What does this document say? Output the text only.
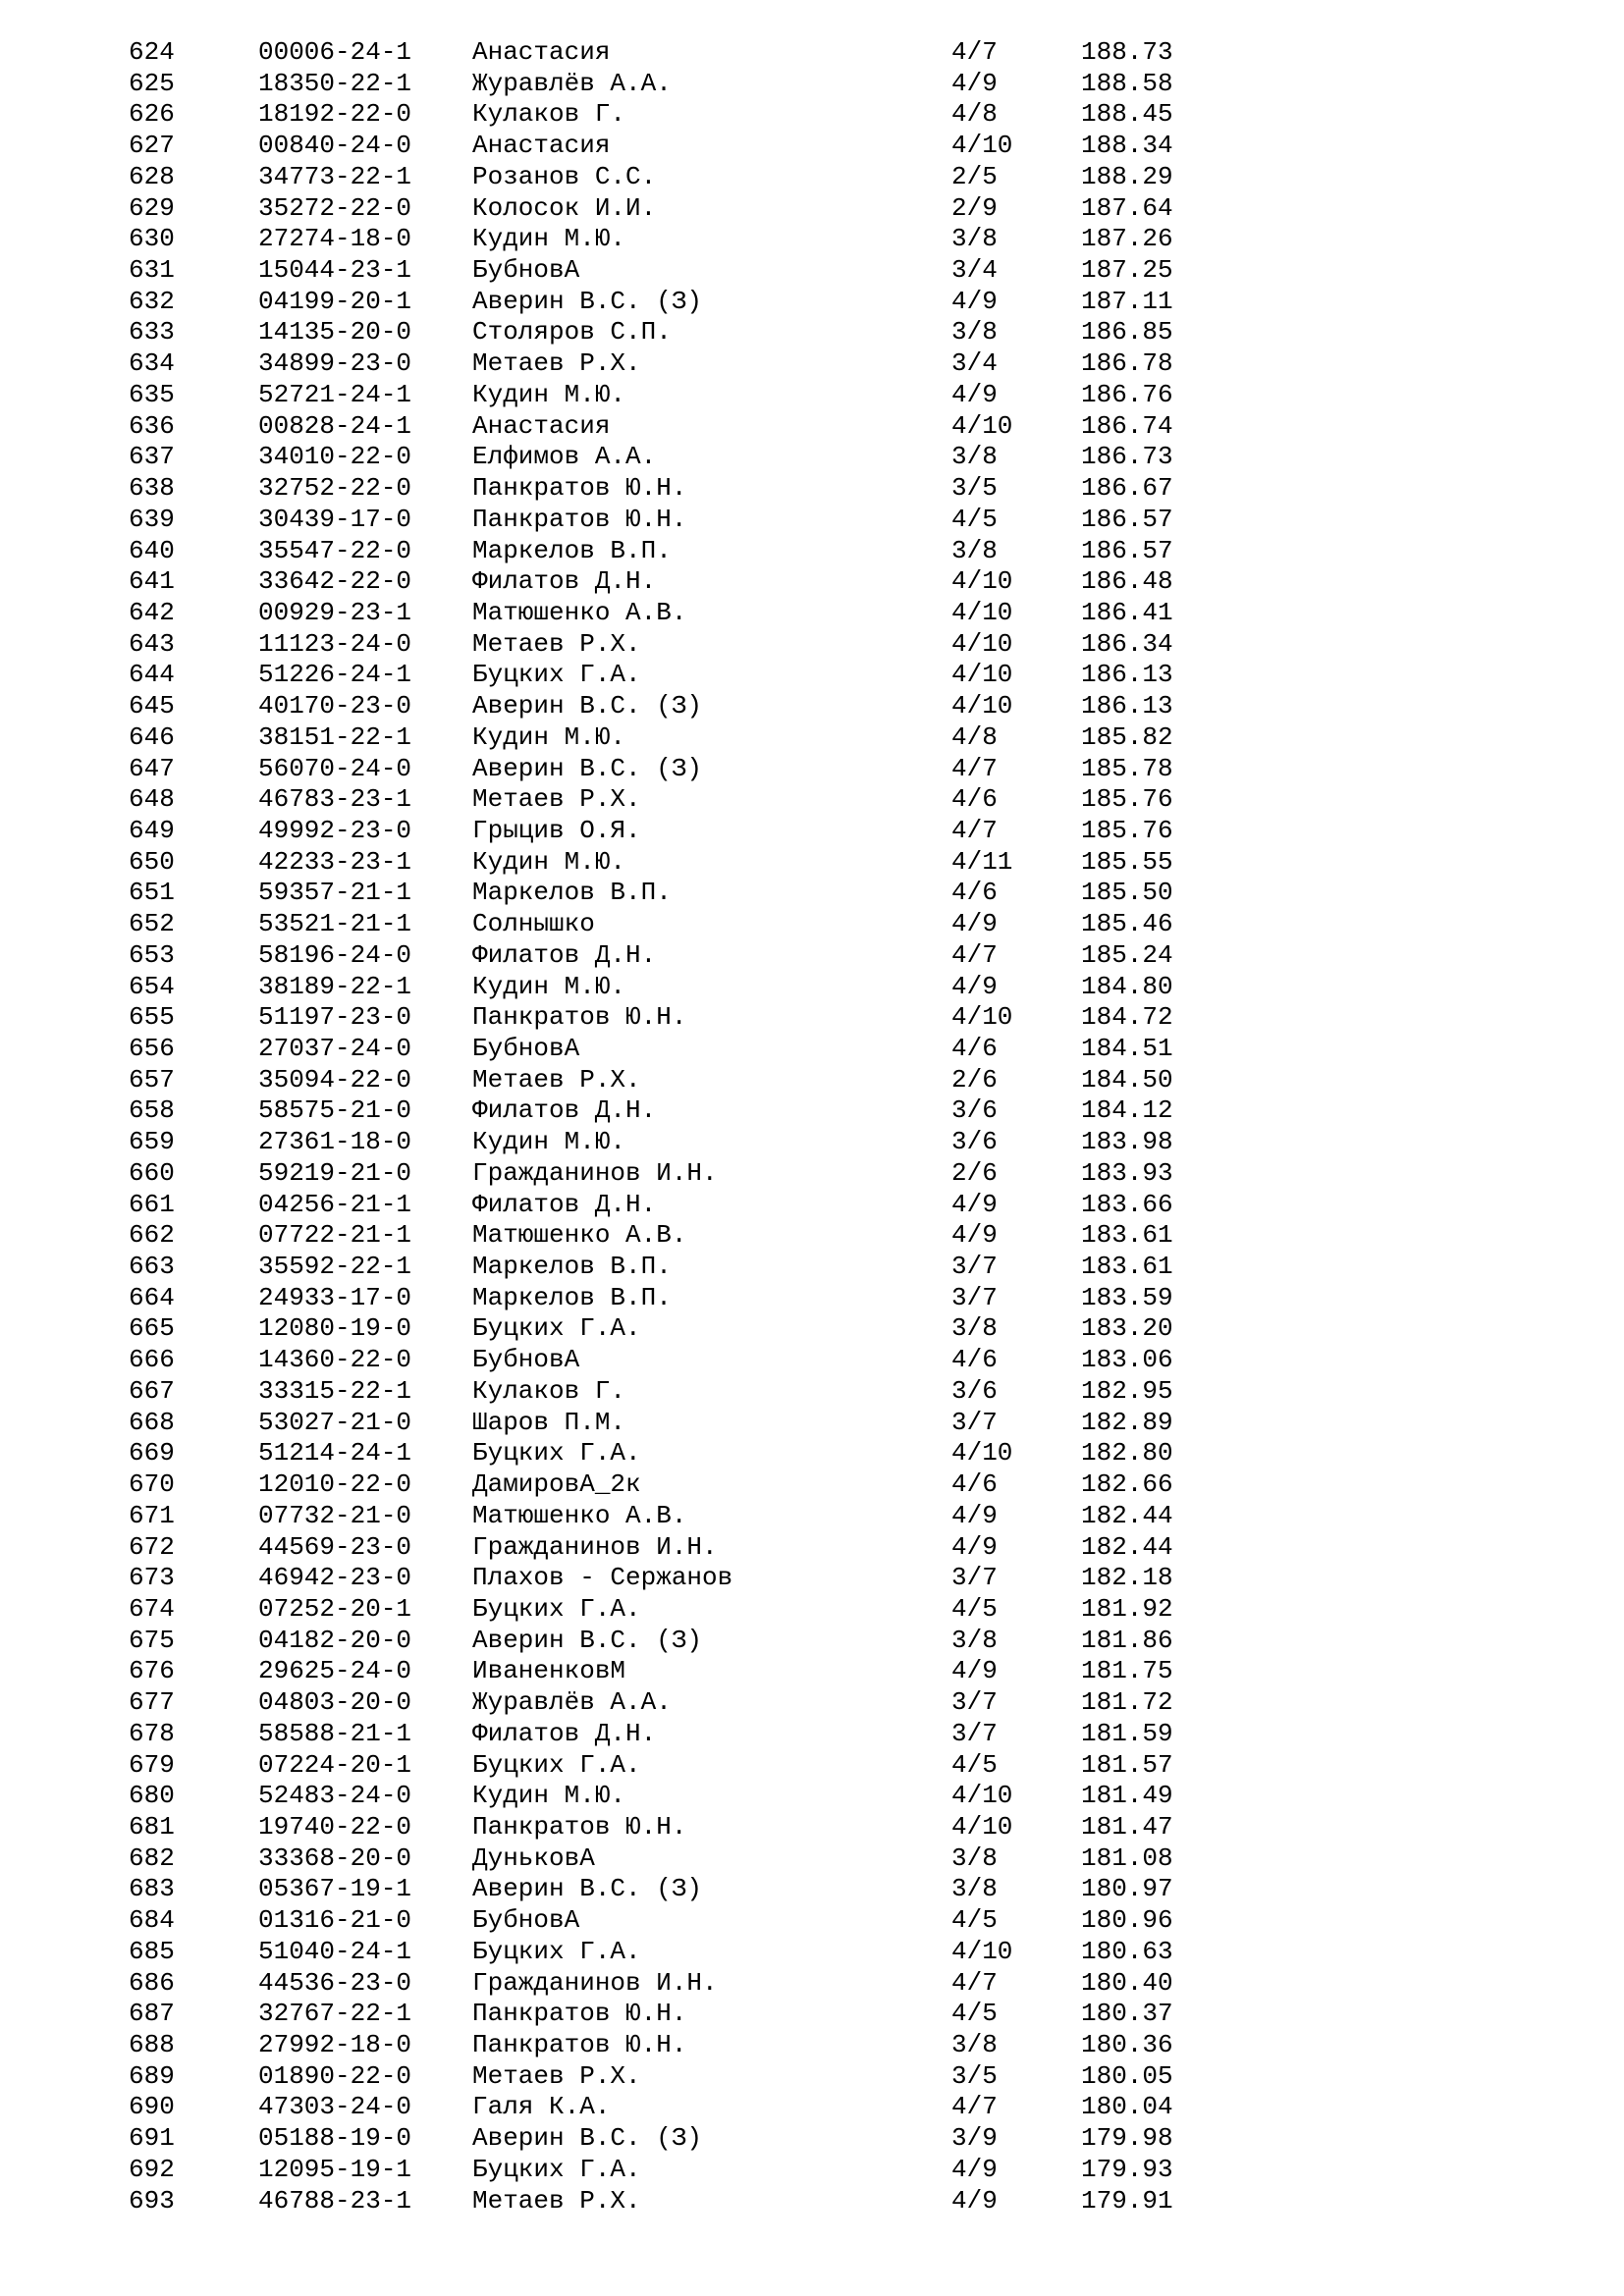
624	00006-24-1 Анастасия	4/7	188.73
625	18350-22-1 Журавлёв А.А.	4/9	188.58
626	18192-22-0 Кулаков Г.	4/8	188.45
627	00840-24-0 Анастасия	4/10	188.34
628	34773-22-1 Розанов С.С.	2/5	188.29
629	35272-22-0 Колосок И.И.	2/9	187.64
630	27274-18-0 Кудин М.Ю.	3/8	187.26
631	15044-23-1 БубновА	3/4	187.25
632	04199-20-1 Аверин В.С. (З)	4/9	187.11
633	14135-20-0 Столяров С.П.	3/8	186.85
634	34899-23-0 Метаев Р.Х.	3/4	186.78
635	52721-24-1 Кудин М.Ю.	4/9	186.76
636	00828-24-1 Анастасия	4/10	186.74
637	34010-22-0 Елфимов А.А.	3/8	186.73
638	32752-22-0 Панкратов Ю.Н.	3/5	186.67
639	30439-17-0 Панкратов Ю.Н.	4/5	186.57
640	35547-22-0 Маркелов В.П.	3/8	186.57
641	33642-22-0 Филатов Д.Н.	4/10	186.48
642	00929-23-1 Матюшенко А.В.	4/10	186.41
643	11123-24-0 Метаев Р.Х.	4/10	186.34
644	51226-24-1 Буцких Г.А.	4/10	186.13
645	40170-23-0 Аверин В.С. (З)	4/10	186.13
646	38151-22-1 Кудин М.Ю.	4/8	185.82
647	56070-24-0 Аверин В.С. (З)	4/7	185.78
648	46783-23-1 Метаев Р.Х.	4/6	185.76
649	49992-23-0 Грыцив О.Я.	4/7	185.76
650	42233-23-1 Кудин М.Ю.	4/11	185.55
651	59357-21-1 Маркелов В.П.	4/6	185.50
652	53521-21-1 Солнышко	4/9	185.46
653	58196-24-0 Филатов Д.Н.	4/7	185.24
654	38189-22-1 Кудин М.Ю.	4/9	184.80
655	51197-23-0 Панкратов Ю.Н.	4/10	184.72
656	27037-24-0 БубновА	4/6	184.51
657	35094-22-0 Метаев Р.Х.	2/6	184.50
658	58575-21-0 Филатов Д.Н.	3/6	184.12
659	27361-18-0 Кудин М.Ю.	3/6	183.98
660	59219-21-0 Гражданинов И.Н.	2/6	183.93
661	04256-21-1 Филатов Д.Н.	4/9	183.66
662	07722-21-1 Матюшенко А.В.	4/9	183.61
663	35592-22-1 Маркелов В.П.	3/7	183.61
664	24933-17-0 Маркелов В.П.	3/7	183.59
665	12080-19-0 Буцких Г.А.	3/8	183.20
666	14360-22-0 БубновА	4/6	183.06
667	33315-22-1 Кулаков Г.	3/6	182.95
668	53027-21-0 Шаров П.М.	3/7	182.89
669	51214-24-1 Буцких Г.А.	4/10	182.80
670	12010-22-0 ДамировА_2к	4/6	182.66
671	07732-21-0 Матюшенко А.В.	4/9	182.44
672	44569-23-0 Гражданинов И.Н.	4/9	182.44
673	46942-23-0 Плахов - Сержанов	3/7	182.18
674	07252-20-1 Буцких Г.А.	4/5	181.92
675	04182-20-0 Аверин В.С. (З)	3/8	181.86
676	29625-24-0 ИваненковМ	4/9	181.75
677	04803-20-0 Журавлёв А.А.	3/7	181.72
678	58588-21-1 Филатов Д.Н.	3/7	181.59
679	07224-20-1 Буцких Г.А.	4/5	181.57
680	52483-24-0 Кудин М.Ю.	4/10	181.49
681	19740-22-0 Панкратов Ю.Н.	4/10	181.47
682	33368-20-0 ДуньковА	3/8	181.08
683	05367-19-1 Аверин В.С. (З)	3/8	180.97
684	01316-21-0 БубновА	4/5	180.96
685	51040-24-1 Буцких Г.А.	4/10	180.63
686	44536-23-0 Гражданинов И.Н.	4/7	180.40
687	32767-22-1 Панкратов Ю.Н.	4/5	180.37
688	27992-18-0 Панкратов Ю.Н.	3/8	180.36
689	01890-22-0 Метаев Р.Х.	3/5	180.05
690	47303-24-0 Галя К.А.	4/7	180.04
691	05188-19-0 Аверин В.С. (З)	3/9	179.98
692	12095-19-1 Буцких Г.А.	4/9	179.93
693	46788-23-1 Метаев Р.Х.	4/9	179.91
